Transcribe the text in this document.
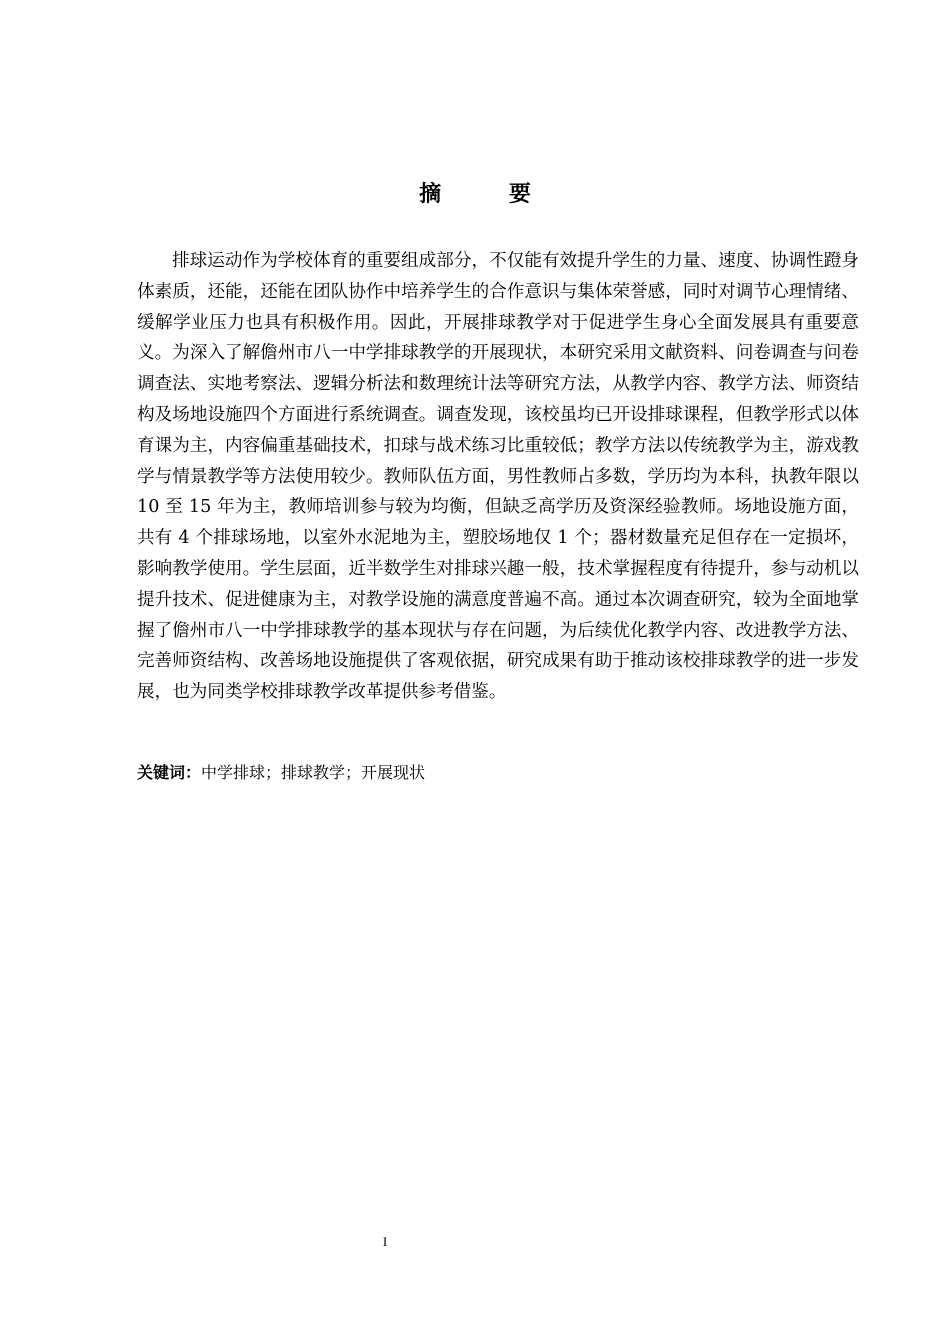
摘 要

排球运动作为学校体育的重要组成部分，不仅能有效提升学生的力量、速度、协调性蹬身体素质，还能，还能在团队协作中培养学生的合作意识与集体荣誉感，同时对调节心理情绪、缓解学业压力也具有积极作用。因此，开展排球教学对于促进学生身心全面发展具有重要意义。为深入了解儋州市八一中学排球教学的开展现状，本研究采用文献资料、问卷调查与问卷调查法、实地考察法、逻辑分析法和数理统计法等研究方法，从教学内容、教学方法、师资结构及场地设施四个方面进行系统调查。调查发现，该校虽均已开设排球课程，但教学形式以体育课为主，内容偏重基础技术，扣球与战术练习比重较低；教学方法以传统教学为主，游戏教学与情景教学等方法使用较少。教师队伍方面，男性教师占多数，学历均为本科，执教年限以 10 至 15 年为主，教师培训参与较为均衡，但缺乏高学历及资深经验教师。场地设施方面，共有 4 个排球场地，以室外水泥地为主，塑胶场地仅 1 个；器材数量充足但存在一定损坏，影响教学使用。学生层面，近半数学生对排球兴趣一般，技术掌握程度有待提升，参与动机以提升技术、促进健康为主，对教学设施的满意度普遍不高。通过本次调查研究，较为全面地掌握了儋州市八一中学排球教学的基本现状与存在问题，为后续优化教学内容、改进教学方法、完善师资结构、改善场地设施提供了客观依据，研究成果有助于推动该校排球教学的进一步发展，也为同类学校排球教学改革提供参考借鉴。

关键词：中学排球；排球教学；开展现状
I
